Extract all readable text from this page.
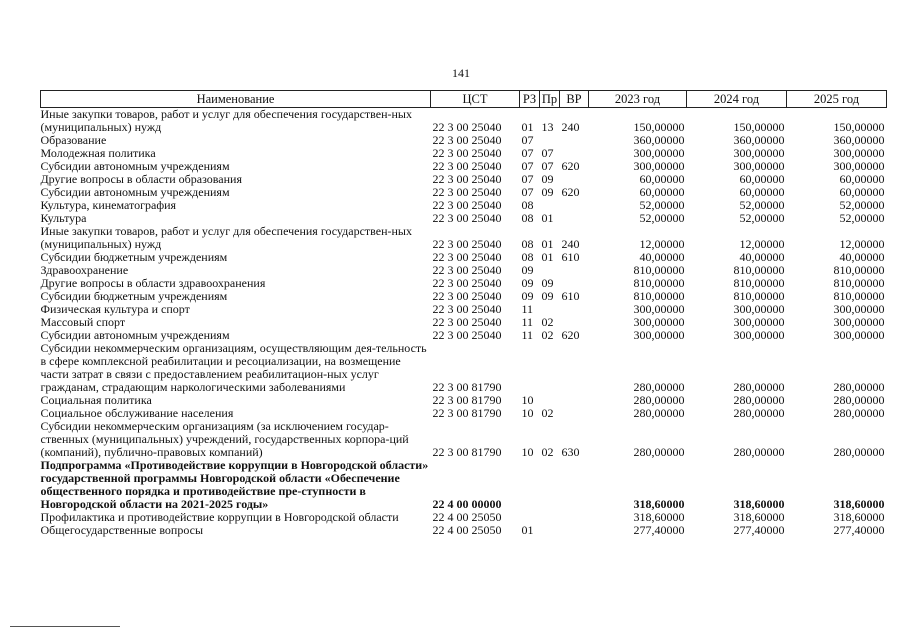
141
Наименование	ЦСТ	РЗ	Пр	ВР	2023 год	2024 год	2025 год
Иные закупки товаров, работ и услуг для обеспечения государствен-ных (муниципальных) нужд	22 3 00 25040	01	13	240	150,00000	150,00000	150,00000
Образование	22 3 00 25040	07			360,00000	360,00000	360,00000
Молодежная политика	22 3 00 25040	07	07		300,00000	300,00000	300,00000
Субсидии автономным учреждениям	22 3 00 25040	07	07	620	300,00000	300,00000	300,00000
Другие вопросы в области образования	22 3 00 25040	07	09		60,00000	60,00000	60,00000
Субсидии автономным учреждениям	22 3 00 25040	07	09	620	60,00000	60,00000	60,00000
Культура, кинематография	22 3 00 25040	08			52,00000	52,00000	52,00000
Культура	22 3 00 25040	08	01		52,00000	52,00000	52,00000
Иные закупки товаров, работ и услуг для обеспечения государствен-ных (муниципальных) нужд	22 3 00 25040	08	01	240	12,00000	12,00000	12,00000
Субсидии бюджетным учреждениям	22 3 00 25040	08	01	610	40,00000	40,00000	40,00000
Здравоохранение	22 3 00 25040	09			810,00000	810,00000	810,00000
Другие вопросы в области здравоохранения	22 3 00 25040	09	09		810,00000	810,00000	810,00000
Субсидии бюджетным учреждениям	22 3 00 25040	09	09	610	810,00000	810,00000	810,00000
Физическая культура и спорт	22 3 00 25040	11			300,00000	300,00000	300,00000
Массовый спорт	22 3 00 25040	11	02		300,00000	300,00000	300,00000
Субсидии автономным учреждениям	22 3 00 25040	11	02	620	300,00000	300,00000	300,00000
Субсидии некоммерческим организациям, осуществляющим дея-тельность в сфере комплексной реабилитации и ресоциализации, на возмещение части затрат в связи с предоставлением реабилитацион-ных услуг гражданам, страдающим наркологическими заболеваниями	22 3 00 81790				280,00000	280,00000	280,00000
Социальная политика	22 3 00 81790	10			280,00000	280,00000	280,00000
Социальное обслуживание населения	22 3 00 81790	10	02		280,00000	280,00000	280,00000
Субсидии некоммерческим организациям (за исключением государ-ственных (муниципальных) учреждений, государственных корпора-ций (компаний), публично-правовых компаний)	22 3 00 81790	10	02	630	280,00000	280,00000	280,00000
Подпрограмма «Противодействие коррупции в Новгородской области» государственной программы Новгородской области «Обеспечение общественного порядка и противодействие пре-ступности в Новгородской области на 2021-2025 годы»	22 4 00 00000				318,60000	318,60000	318,60000
Профилактика и противодействие коррупции в Новгородской области	22 4 00 25050				318,60000	318,60000	318,60000
Общегосударственные вопросы	22 4 00 25050	01			277,40000	277,40000	277,40000
